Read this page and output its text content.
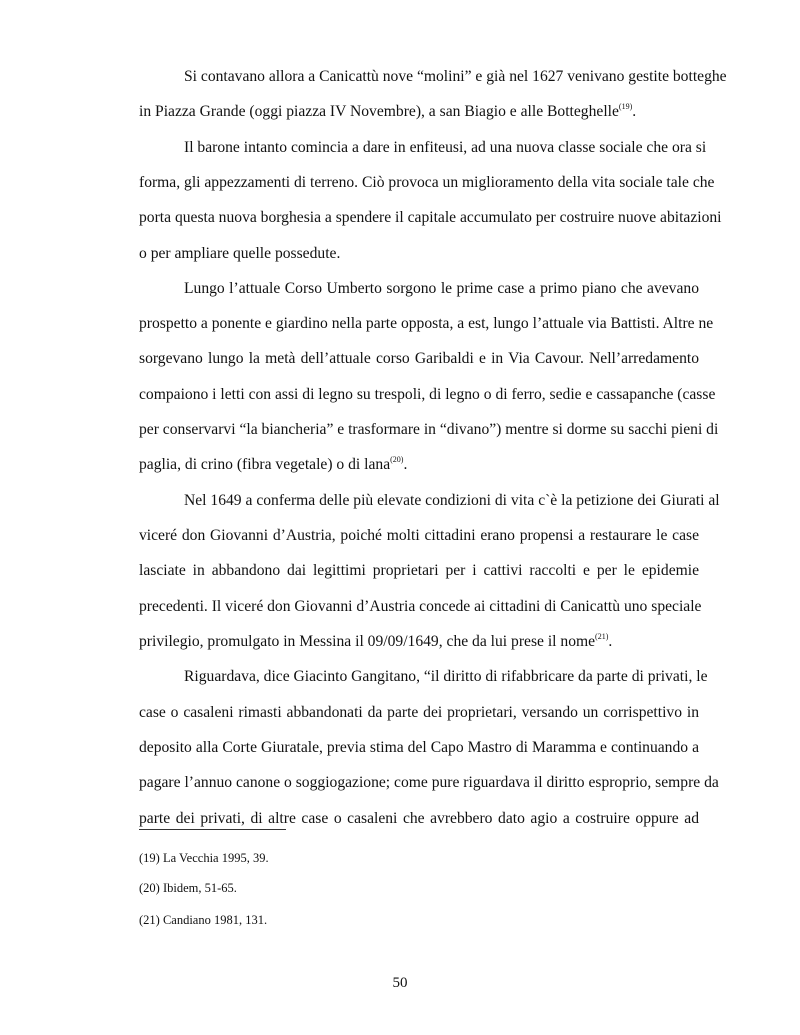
Si contavano allora a Canicattù nove “molini” e già nel 1627 venivano gestite botteghe
in Piazza Grande (oggi piazza IV Novembre), a san Biagio e alle Botteghelle$^{(19)}$.
Il barone intanto comincia a dare in enfiteusi, ad una nuova classe sociale che ora si
forma, gli appezzamenti di terreno. Ciò provoca un miglioramento della vita sociale tale che
porta questa nuova borghesia a spendere il capitale accumulato per costruire nuove abitazioni
o per ampliare quelle possedute.
Lungo l’attuale Corso Umberto sorgono le prime case a primo piano che avevano
prospetto a ponente e giardino nella parte opposta, a est, lungo l’attuale via Battisti. Altre ne
sorgevano lungo la metà dell’attuale corso Garibaldi e in Via Cavour. Nell’arredamento
compaiono i letti con assi di legno su trespoli, di legno o di ferro, sedie e cassapanche (casse
per conservarvi “la biancheria” e trasformare in “divano”) mentre si dorme su sacchi pieni di
paglia, di crino (fibra vegetale) o di lana$^{(20)}$.
Nel 1649 a conferma delle più elevate condizioni di vita c`è la petizione dei Giurati al
viceré don Giovanni d’Austria, poiché molti cittadini erano propensi a restaurare le case
lasciate in abbandono dai legittimi proprietari per i cattivi raccolti e per le epidemie
precedenti. Il viceré don Giovanni d’Austria concede ai cittadini di Canicattù uno speciale
privilegio, promulgato in Messina il 09/09/1649, che da lui prese il nome$^{(21)}$.
Riguardava, dice Giacinto Gangitano, “il diritto di rifabbricare da parte di privati, le
case o casaleni rimasti abbandonati da parte dei proprietari, versando un corrispettivo in
deposito alla Corte Giuratale, previa stima del Capo Mastro di Maramma e continuando a
pagare l’annuo canone o soggiogazione; come pure riguardava il diritto esproprio, sempre da
parte dei privati, di altre case o casaleni che avrebbero dato agio a costruire oppure ad
(19) La Vecchia 1995, 39.
(20) Ibidem, 51-65.
(21) Candiano 1981, 131.
50
